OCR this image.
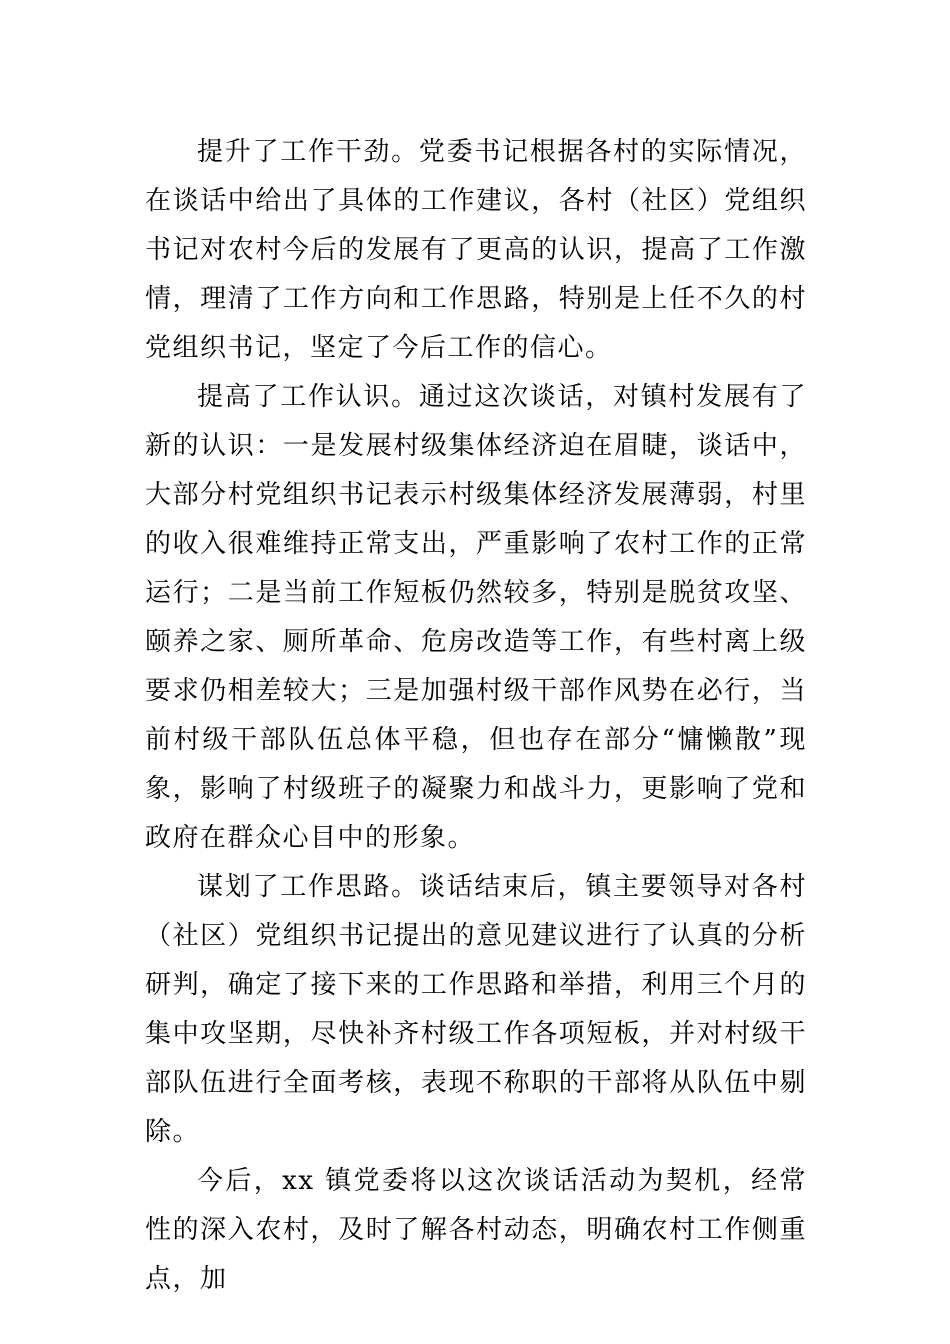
提升了工作干劲。党委书记根据各村的实际情况，在谈话中给出了具体的工作建议，各村（社区）党组织书记对农村今后的发展有了更高的认识，提高了工作激情，理清了工作方向和工作思路，特别是上任不久的村党组织书记，坚定了今后工作的信心。

提高了工作认识。通过这次谈话，对镇村发展有了新的认识：一是发展村级集体经济迫在眉睫，谈话中，大部分村党组织书记表示村级集体经济发展薄弱，村里的收入很难维持正常支出，严重影响了农村工作的正常运行；二是当前工作短板仍然较多，特别是脱贫攻坚、颐养之家、厕所革命、危房改造等工作，有些村离上级要求仍相差较大；三是加强村级干部作风势在必行，当前村级干部队伍总体平稳，但也存在部分“慵懒散”现象，影响了村级班子的凝聚力和战斗力，更影响了党和政府在群众心目中的形象。

谋划了工作思路。谈话结束后，镇主要领导对各村（社区）党组织书记提出的意见建议进行了认真的分析研判，确定了接下来的工作思路和举措，利用三个月的集中攻坚期，尽快补齐村级工作各项短板，并对村级干部队伍进行全面考核，表现不称职的干部将从队伍中剔除。

今后，xx 镇党委将以这次谈话活动为契机，经常性的深入农村，及时了解各村动态，明确农村工作侧重点，加
